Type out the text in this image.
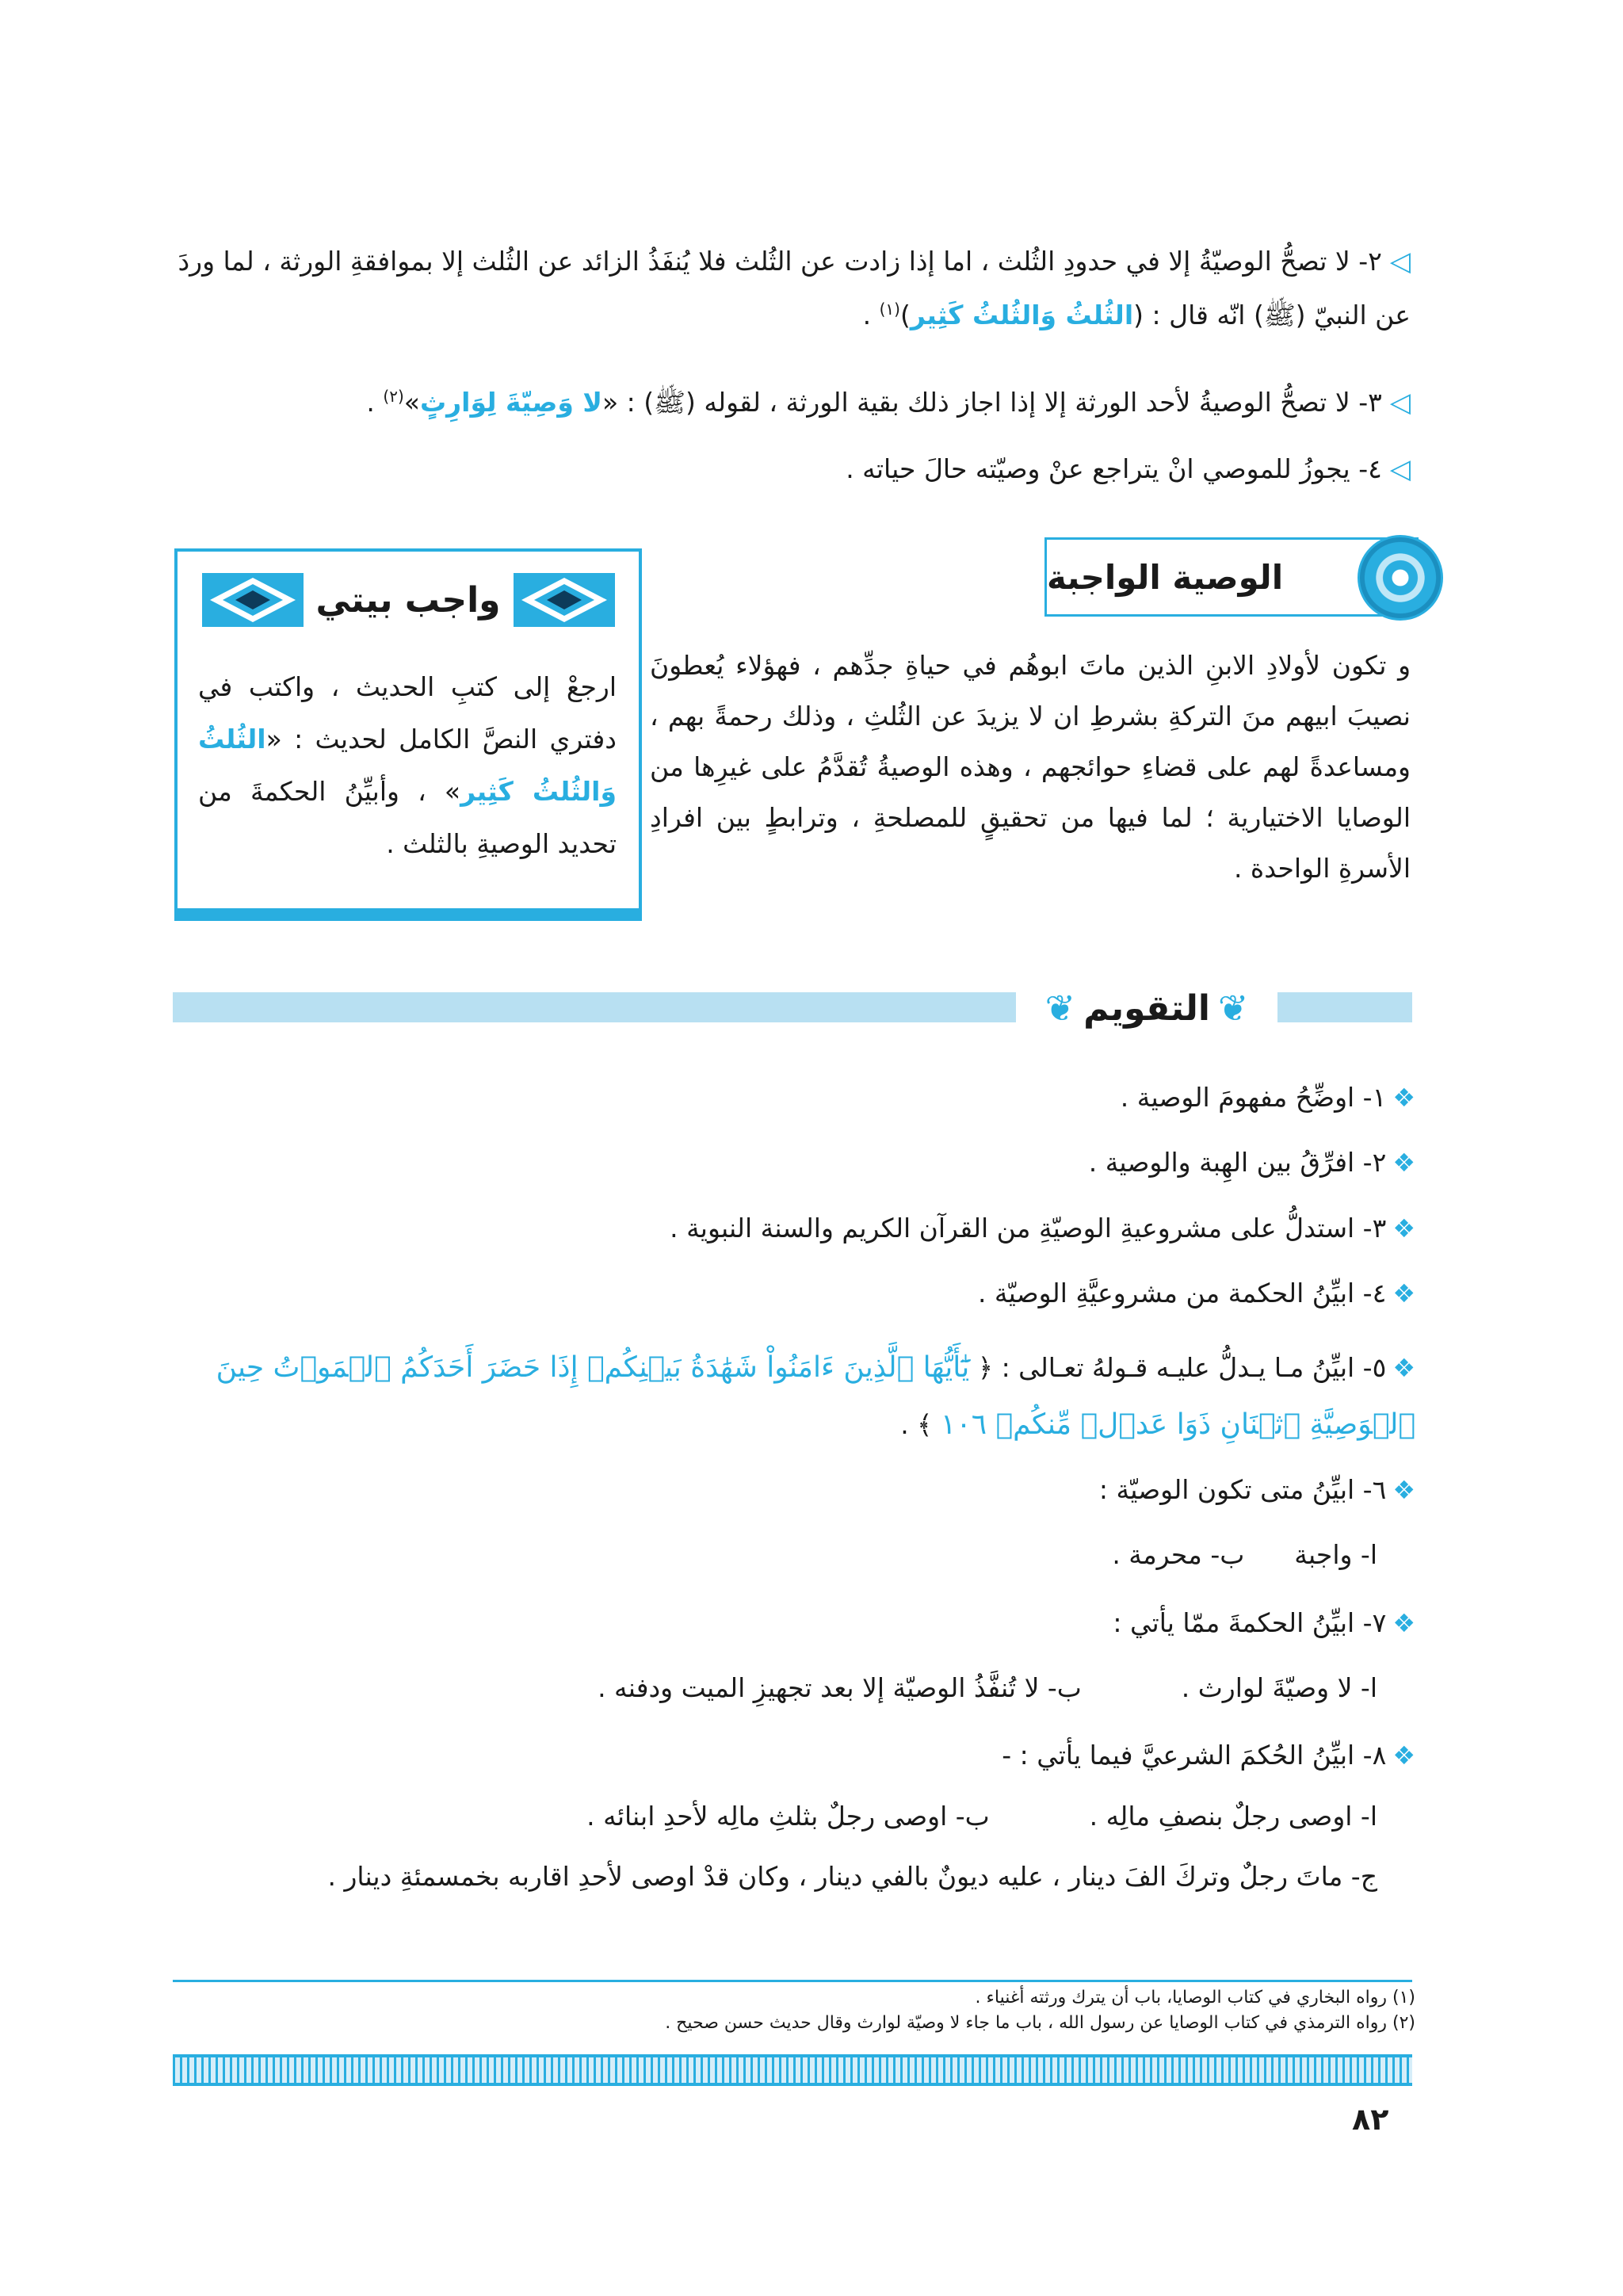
◁٢- لا تصحُّ الوصيّةُ إلا في حدودِ الثُلث ، اما إذا زادت عن الثُلث فلا يُنفَذُ الزائد عن الثُلث إلا بموافقةِ الورثة ، لما وردَ عن النبيّ (ﷺ) انّه قال : (الثُلثُ وَالثُلثُ كَثِير)$^{(١)}$ .
◁٣- لا تصحُّ الوصيةُ لأحد الورثة إلا إذا اجاز ذلك بقية الورثة ، لقوله (ﷺ) : «لا وَصِيّةَ لِوَارِثٍ»$^{(٢)}$ .
◁٤- يجوزُ للموصي انْ يتراجع عنْ وصيّته حالَ حياته .
الوصية الواجبة
و تكون لأولادِ الابنِ الذين ماتَ ابوهُم في حياةِ جدِّهم ، فهؤلاء يُعطونَ نصيبَ ابيهم منَ التركةِ بشرطِ ان لا يزيدَ عن الثُلثِ ، وذلك رحمةً بهم ، ومساعدةً لهم على قضاءِ حوائجهم ، وهذه الوصيةُ تُقدَّمُ على غيرِها من الوصايا الاختيارية ؛ لما فيها من تحقيقٍ للمصلحةِ ، وترابطٍ بين افرادِ الأسرةِ الواحدة .
واجب بيتي
ارجعْ إلى كتبِ الحديث ، واكتب في دفتري النصَّ الكامل لحديث : «الثُلثُ وَالثُلثُ كَثِير» ، وأبيِّنُ الحكمةَ من تحديد الوصيةِ بالثلث .
❦
التقويم
❦
❖١- اوضِّحُ مفهومَ الوصية .
❖٢- افرِّقُ بين الهِبة والوصية .
❖٣- استدلُّ على مشروعيةِ الوصيّةِ من القرآن الكريم والسنة النبوية .
❖٤- ابيِّنُ الحكمة من مشروعيَّةِ الوصيّة .
❖٥- ابيِّنُ مـا يـدلُّ عليـه قـولهُ تعـالى : ﴿ يَٰٓأَيُّهَا ٱلَّذِينَ ءَامَنُواْ شَهَٰدَةُ بَيۡنِكُمۡ إِذَا حَضَرَ أَحَدَكُمُ ٱلۡمَوۡتُ حِينَ ٱلۡوَصِيَّةِ ٱثۡنَانِ ذَوَا عَدۡلٖ مِّنكُمۡ ١٠٦ ﴾ .
❖٦- ابيِّنُ متى تكون الوصيّة :
ا- واجبة      ب- محرمة .
❖٧- ابيِّنُ الحكمةَ ممّا يأتي :
ا- لا وصيّةَ لوارث .            ب- لا تُنفَّذُ الوصيّة إلا بعد تجهيزِ الميت ودفنه .
❖٨- ابيِّنُ الحُكمَ الشرعيَّ فيما يأتي : -
ا- اوصى رجلٌ بنصفِ مالِه .            ب- اوصى رجلٌ بثلثِ مالِه لأحدِ ابنائه .
ج- ماتَ رجلٌ وتركَ الفَ دينار ، عليه ديونٌ بالفي دينار ، وكان قدْ اوصى لأحدِ اقاربه بخمسمئةِ دينار .
(١) رواه البخاري في كتاب الوصايا، باب أن يترك ورثته أغنياء .
(٢) رواه الترمذي في كتاب الوصايا عن رسول الله ، باب ما جاء لا وصيّة لوارث وقال حديث حسن صحيح .
٨٢
